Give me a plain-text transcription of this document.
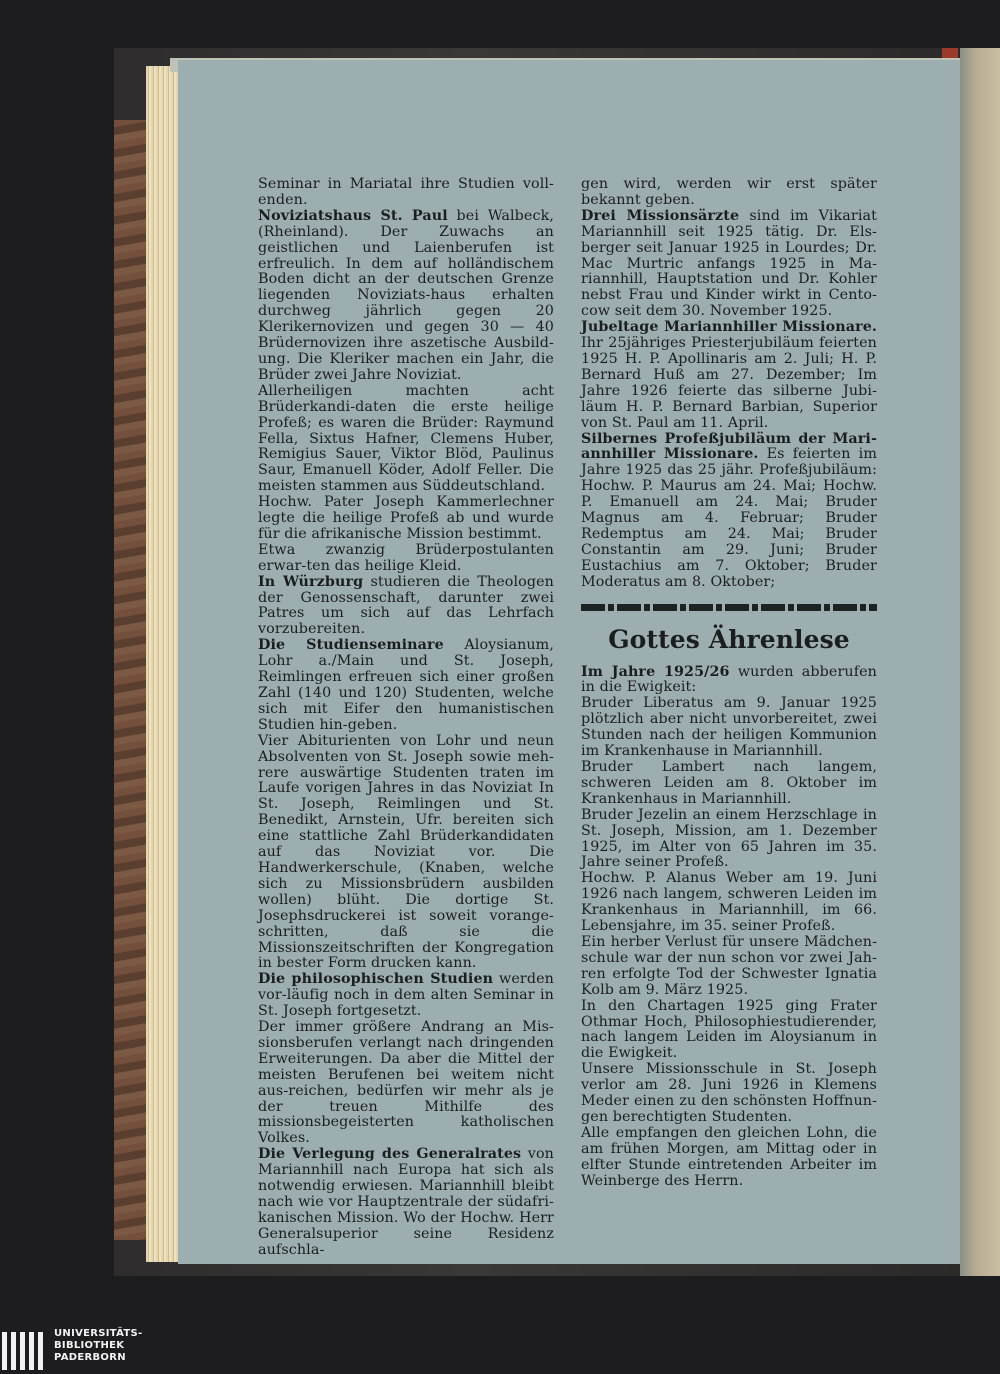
Seminar in Mariatal ihre Studien voll-enden.

Noviziatshaus St. Paul bei Walbeck, (Rheinland). Der Zuwachs an geistlichen und Laienberufen ist erfreulich. In dem auf holländischem Boden dicht an der deutschen Grenze liegenden Noviziats-haus erhalten durchweg jährlich gegen 20 Klerikernovizen und gegen 30 — 40 Brüdernovizen ihre aszetische Ausbild-ung. Die Kleriker machen ein Jahr, die Brüder zwei Jahre Noviziat.

Allerheiligen machten acht Brüderkandi-daten die erste heilige Profeß; es waren die Brüder: Raymund Fella, Sixtus Hafner, Clemens Huber, Remigius Sauer, Viktor Blöd, Paulinus Saur, Emanuell Köder, Adolf Feller. Die meisten stammen aus Süddeutschland.

Hochw. Pater Joseph Kammerlechner legte die heilige Profeß ab und wurde für die afrikanische Mission bestimmt.

Etwa zwanzig Brüderpostulanten erwar-ten das heilige Kleid.

In Würzburg studieren die Theologen der Genossenschaft, darunter zwei Patres um sich auf das Lehrfach vorzubereiten.

Die Studienseminare Aloysianum, Lohr a./Main und St. Joseph, Reimlingen erfreuen sich einer großen Zahl (140 und 120) Studenten, welche sich mit Eifer den humanistischen Studien hin-geben.

Vier Abiturienten von Lohr und neun Absolventen von St. Joseph sowie meh-rere auswärtige Studenten traten im Laufe vorigen Jahres in das Noviziat In St. Joseph, Reimlingen und St. Benedikt, Arnstein, Ufr. bereiten sich eine stattliche Zahl Brüderkandidaten auf das Noviziat vor. Die Handwerkerschule, (Knaben, welche sich zu Missionsbrüdern ausbilden wollen) blüht. Die dortige St. Josephsdruckerei ist soweit vorange-schritten, daß sie die Missionszeitschriften der Kongregation in bester Form drucken kann.

Die philosophischen Studien werden vor-läufig noch in dem alten Seminar in St. Joseph fortgesetzt.

Der immer größere Andrang an Mis-sionsberufen verlangt nach dringenden Erweiterungen. Da aber die Mittel der meisten Berufenen bei weitem nicht aus-reichen, bedürfen wir mehr als je der treuen Mithilfe des missionsbegeisterten katholischen Volkes.

Die Verlegung des Generalrates von Mariannhill nach Europa hat sich als notwendig erwiesen. Mariannhill bleibt nach wie vor Hauptzentrale der südafri-kanischen Mission. Wo der Hochw. Herr Generalsuperior seine Residenz aufschla-

gen wird, werden wir erst später bekannt geben.

Drei Missionsärzte sind im Vikariat Mariannhill seit 1925 tätig. Dr. Els-berger seit Januar 1925 in Lourdes; Dr. Mac Murtric anfangs 1925 in Ma-riannhill, Hauptstation und Dr. Kohler nebst Frau und Kinder wirkt in Cento-cow seit dem 30. November 1925.

Jubeltage Mariannhiller Missionare. Ihr 25jähriges Priesterjubiläum feierten 1925 H. P. Apollinaris am 2. Juli; H. P. Bernard Huß am 27. Dezember; Im Jahre 1926 feierte das silberne Jubi-läum H. P. Bernard Barbian, Superior von St. Paul am 11. April.

Silbernes Profeßjubiläum der Mari-annhiller Missionare. Es feierten im Jahre 1925 das 25 jähr. Profeßjubiläum: Hochw. P. Maurus am 24. Mai; Hochw. P. Emanuell am 24. Mai; Bruder Magnus am 4. Februar; Bruder Redemptus am 24. Mai; Bruder Constantin am 29. Juni; Bruder Eustachius am 7. Oktober; Bruder Moderatus am 8. Oktober;

Gottes Ährenlese

Im Jahre 1925/26 wurden abberufen in die Ewigkeit:

Bruder Liberatus am 9. Januar 1925 plötzlich aber nicht unvorbereitet, zwei Stunden nach der heiligen Kommunion im Krankenhause in Mariannhill.

Bruder Lambert nach langem, schweren Leiden am 8. Oktober im Krankenhaus in Mariannhill.

Bruder Jezelin an einem Herzschlage in St. Joseph, Mission, am 1. Dezember 1925, im Alter von 65 Jahren im 35. Jahre seiner Profeß.

Hochw. P. Alanus Weber am 19. Juni 1926 nach langem, schweren Leiden im Krankenhaus in Mariannhill, im 66. Lebensjahre, im 35. seiner Profeß.

Ein herber Verlust für unsere Mädchen-schule war der nun schon vor zwei Jah-ren erfolgte Tod der Schwester Ignatia Kolb am 9. März 1925.

In den Chartagen 1925 ging Frater Othmar Hoch, Philosophiestudierender, nach langem Leiden im Aloysianum in die Ewigkeit.

Unsere Missionsschule in St. Joseph verlor am 28. Juni 1926 in Klemens Meder einen zu den schönsten Hoffnun-gen berechtigten Studenten.

Alle empfangen den gleichen Lohn, die am frühen Morgen, am Mittag oder in elfter Stunde eintretenden Arbeiter im Weinberge des Herrn.

UNIVERSITÄTS-
BIBLIOTHEK
PADERBORN
